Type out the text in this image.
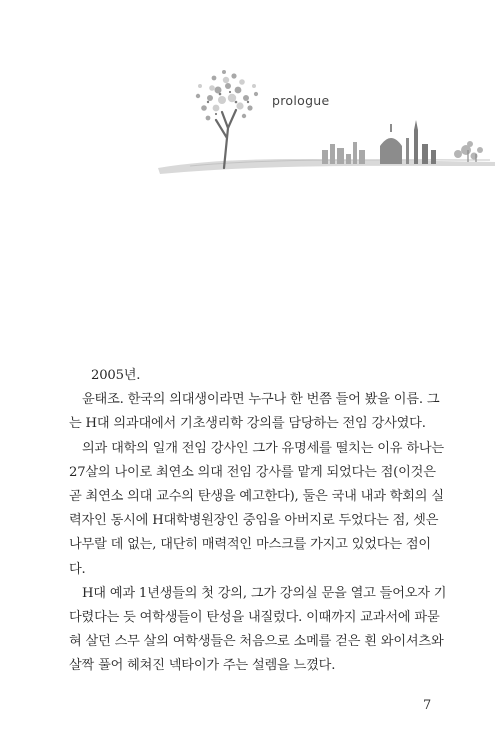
prologue
2005년.
윤태조. 한국의 의대생이라면 누구나 한 번쯤 들어 봤을 이름. 그
는 H대 의과대에서 기초생리학 강의를 담당하는 전임 강사였다.
의과 대학의 일개 전임 강사인 그가 유명세를 떨치는 이유 하나는
27살의 나이로 최연소 의대 전임 강사를 맡게 되었다는 점(이것은
곧 최연소 의대 교수의 탄생을 예고한다), 둘은 국내 내과 학회의 실
력자인 동시에 H대학병원장인 중임을 아버지로 두었다는 점, 셋은
나무랄 데 없는, 대단히 매력적인 마스크를 가지고 있었다는 점이
다.
H대 예과 1년생들의 첫 강의, 그가 강의실 문을 열고 들어오자 기
다렸다는 듯 여학생들이 탄성을 내질렀다. 이때까지 교과서에 파묻
혀 살던 스무 살의 여학생들은 처음으로 소메를 걷은 흰 와이셔츠와
살짝 풀어 헤쳐진 넥타이가 주는 설렘을 느꼈다.
7
